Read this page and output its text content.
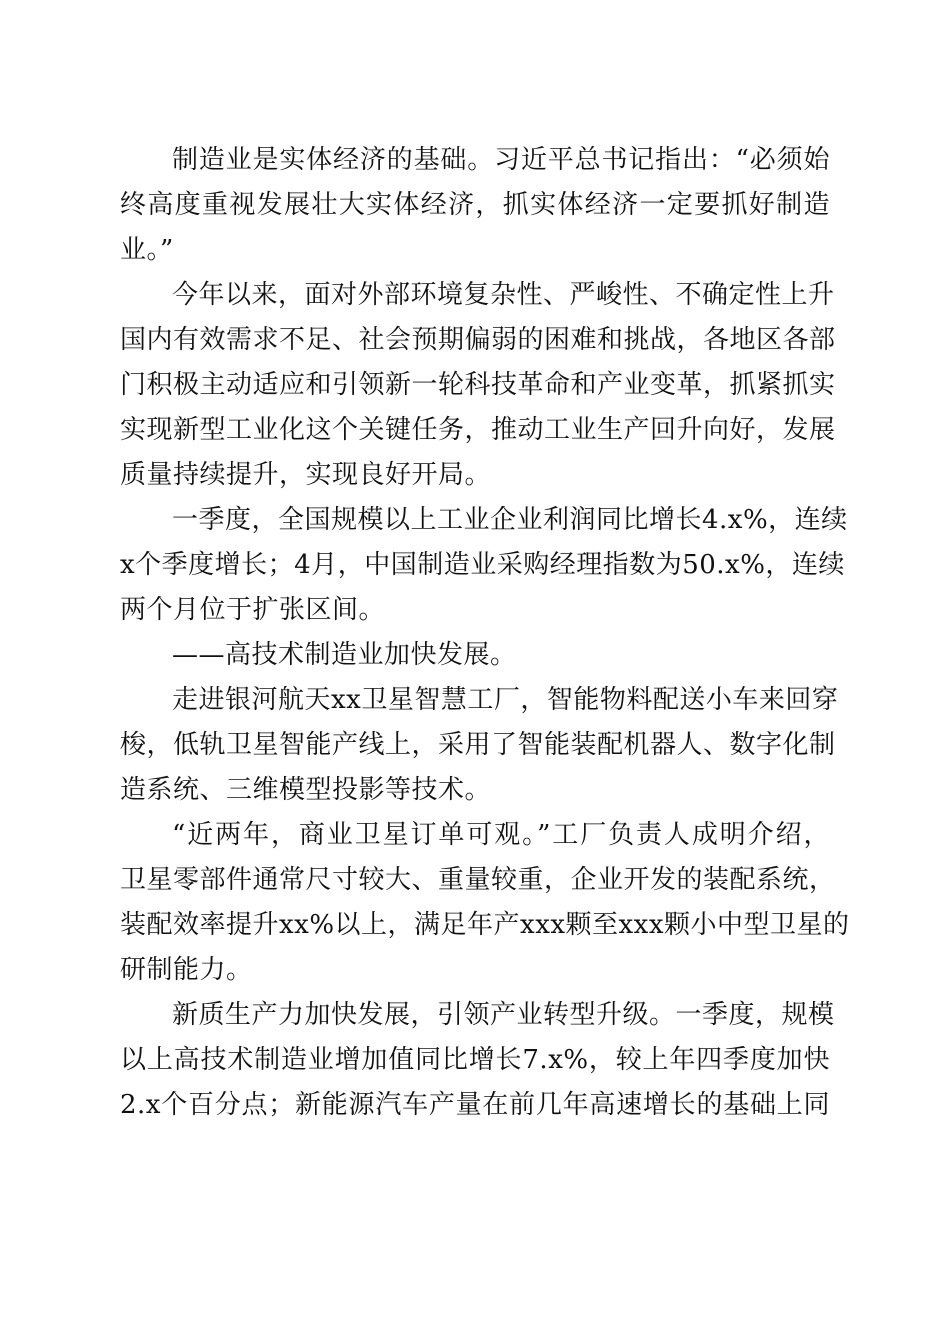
制造业是实体经济的基础。习近平总书记指出：“必须始
终高度重视发展壮大实体经济，抓实体经济一定要抓好制造
业。”
今年以来，面对外部环境复杂性、严峻性、不确定性上升
国内有效需求不足、社会预期偏弱的困难和挑战，各地区各部
门积极主动适应和引领新一轮科技革命和产业变革，抓紧抓实
实现新型工业化这个关键任务，推动工业生产回升向好，发展
质量持续提升，实现良好开局。
一季度，全国规模以上工业企业利润同比增长4.x%，连续
x个季度增长；4月，中国制造业采购经理指数为50.x%，连续
两个月位于扩张区间。
——高技术制造业加快发展。
走进银河航天xx卫星智慧工厂，智能物料配送小车来回穿
梭，低轨卫星智能产线上，采用了智能装配机器人、数字化制
造系统、三维模型投影等技术。
“近两年，商业卫星订单可观。”工厂负责人成明介绍，
卫星零部件通常尺寸较大、重量较重，企业开发的装配系统，
装配效率提升xx%以上，满足年产xxx颗至xxx颗小中型卫星的
研制能力。
新质生产力加快发展，引领产业转型升级。一季度，规模
以上高技术制造业增加值同比增长7.x%，较上年四季度加快
2.x个百分点；新能源汽车产量在前几年高速增长的基础上同
